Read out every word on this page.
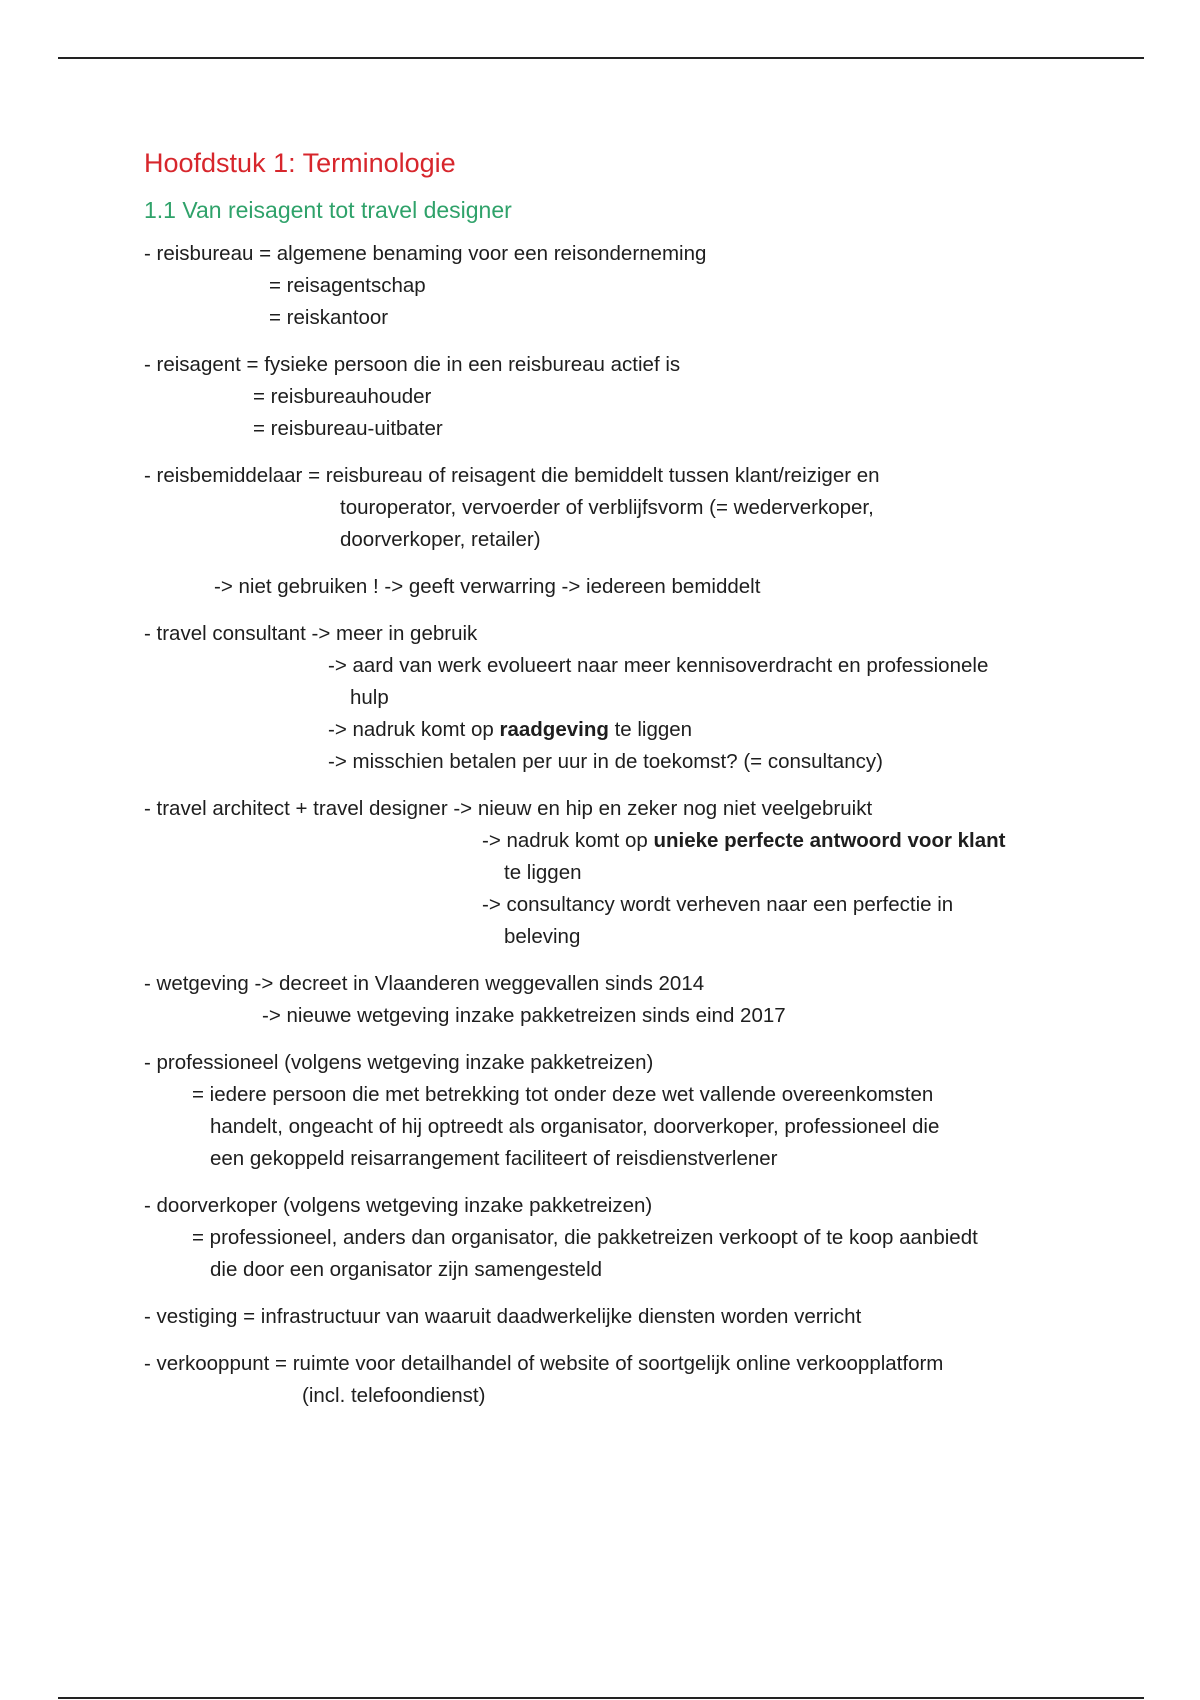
Hoofdstuk 1: Terminologie
1.1 Van reisagent tot travel designer
- reisbureau = algemene benaming voor een reisonderneming
= reisagentschap
= reiskantoor
- reisagent = fysieke persoon die in een reisbureau actief is
= reisbureauhouder
= reisbureau-uitbater
- reisbemiddelaar = reisbureau of reisagent die bemiddelt tussen klant/reiziger en
touroperator, vervoerder of verblijfsvorm (= wederverkoper,
doorverkoper, retailer)
-> niet gebruiken ! -> geeft verwarring -> iedereen bemiddelt
- travel consultant -> meer in gebruik
-> aard van werk evolueert naar meer kennisoverdracht en professionele
hulp
-> nadruk komt op raadgeving te liggen
-> misschien betalen per uur in de toekomst? (= consultancy)
- travel architect + travel designer -> nieuw en hip en zeker nog niet veelgebruikt
-> nadruk komt op unieke perfecte antwoord voor klant
te liggen
-> consultancy wordt verheven naar een perfectie in
beleving
- wetgeving -> decreet in Vlaanderen weggevallen sinds 2014
-> nieuwe wetgeving inzake pakketreizen sinds eind 2017
- professioneel (volgens wetgeving inzake pakketreizen)
= iedere persoon die met betrekking tot onder deze wet vallende overeenkomsten
handelt, ongeacht of hij optreedt als organisator, doorverkoper, professioneel die
een gekoppeld reisarrangement faciliteert of reisdienstverlener
- doorverkoper (volgens wetgeving inzake pakketreizen)
= professioneel, anders dan organisator, die pakketreizen verkoopt of te koop aanbiedt
die door een organisator zijn samengesteld
- vestiging = infrastructuur van waaruit daadwerkelijke diensten worden verricht
- verkooppunt = ruimte voor detailhandel of website of soortgelijk online verkoopplatform
(incl. telefoondienst)
